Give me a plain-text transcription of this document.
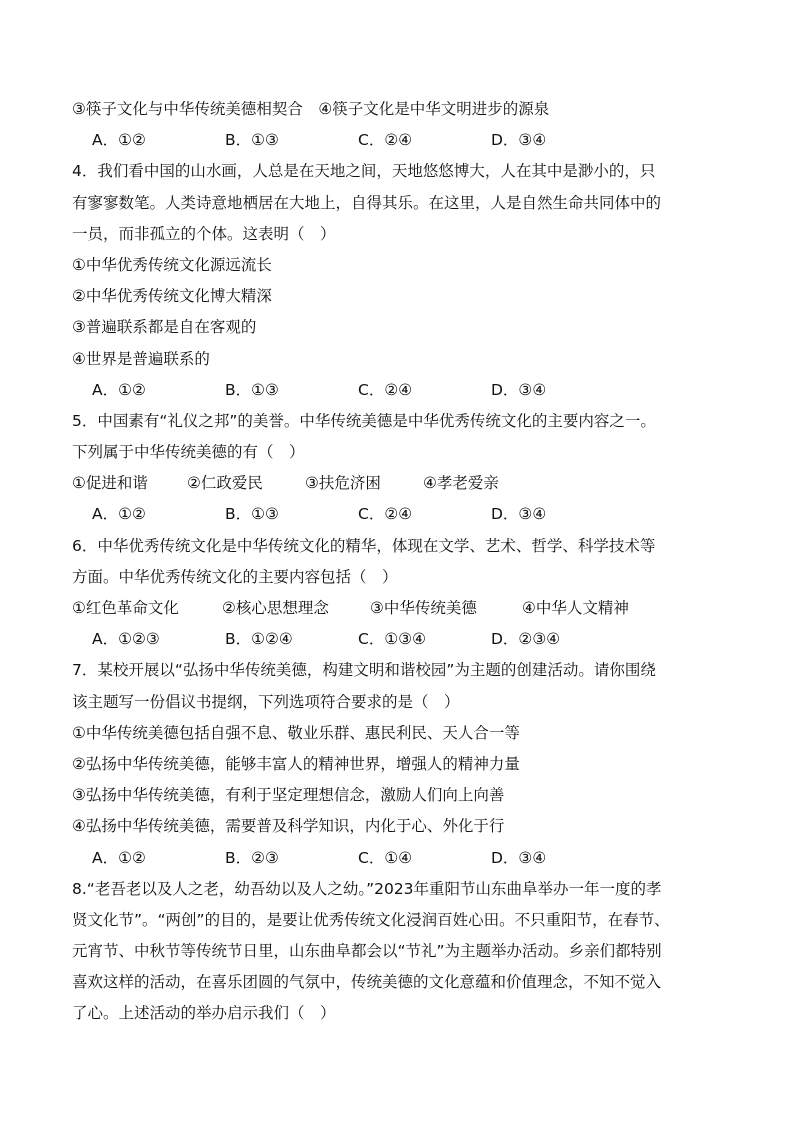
③筷子文化与中华传统美德相契合　④筷子文化是中华文明进步的源泉
A．①②	B．①③	C．②④	D．③④
4．我们看中国的山水画，人总是在天地之间，天地悠悠博大，人在其中是渺小的，只
有寥寥数笔。人类诗意地栖居在大地上，自得其乐。在这里，人是自然生命共同体中的
一员，而非孤立的个体。这表明（　）
①中华优秀传统文化源远流长
②中华优秀传统文化博大精深
③普遍联系都是自在客观的
④世界是普遍联系的
A．①②	B．①③	C．②④	D．③④
5．中国素有“礼仪之邦”的美誉。中华传统美德是中华优秀传统文化的主要内容之一。
下列属于中华传统美德的有（　）
①促进和谐	②仁政爱民	③扶危济困	④孝老爱亲
A．①②	B．①③	C．②④	D．③④
6．中华优秀传统文化是中华传统文化的精华，体现在文学、艺术、哲学、科学技术等
方面。中华优秀传统文化的主要内容包括（　）
①红色革命文化	②核心思想理念	③中华传统美德	④中华人文精神
A．①②③	B．①②④	C．①③④	D．②③④
7．某校开展以“弘扬中华传统美德，构建文明和谐校园”为主题的创建活动。请你围绕
该主题写一份倡议书提纲，下列选项符合要求的是（　）
①中华传统美德包括自强不息、敬业乐群、惠民利民、天人合一等
②弘扬中华传统美德，能够丰富人的精神世界，增强人的精神力量
③弘扬中华传统美德，有利于坚定理想信念，激励人们向上向善
④弘扬中华传统美德，需要普及科学知识，内化于心、外化于行
A．①②	B．②③	C．①④	D．③④
8.“老吾老以及人之老，幼吾幼以及人之幼。”2023年重阳节山东曲阜举办一年一度的孝
贤文化节”。“两创”的目的，是要让优秀传统文化浸润百姓心田。不只重阳节，在春节、
元宵节、中秋节等传统节日里，山东曲阜都会以“节礼”为主题举办活动。乡亲们都特别
喜欢这样的活动，在喜乐团圆的气氛中，传统美德的文化意蕴和价值理念，不知不觉入
了心。上述活动的举办启示我们（　）
